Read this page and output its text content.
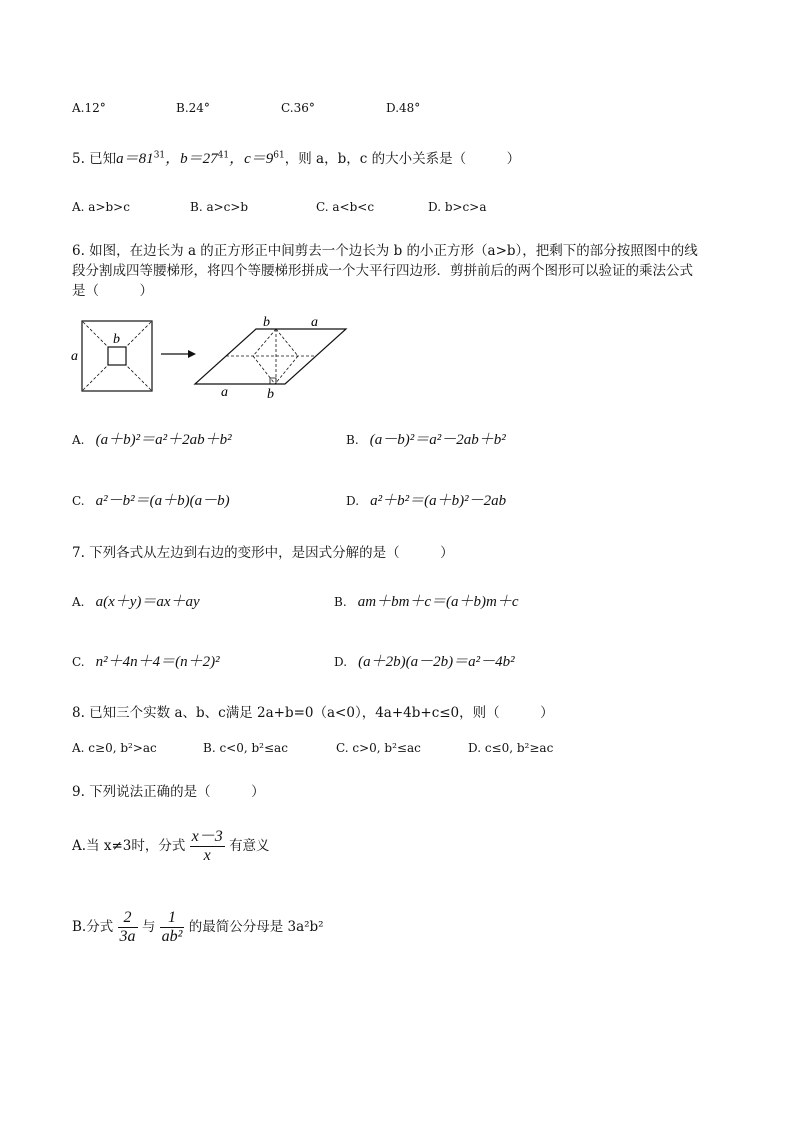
A.12°	B.24°	C.36°	D.48°
5. 已知$a=81^{31}$，$b=27^{41}$，$c=9^{61}$，则 a，b，c 的大小关系是（　　　）
A. a>b>c	B. a>c>b	C. a<b<c	D. b>c>a
6. 如图，在边长为 a 的正方形正中间剪去一个边长为 b 的小正方形（a>b），把剩下的部分按照图中的线
段分割成四等腰梯形，将四个等腰梯形拼成一个大平行四边形．剪拼前后的两个图形可以验证的乘法公式
是（　　　）
a
b
b	a
a	b
A. (a＋b)²＝a²＋2ab＋b²	B. (a－b)²＝a²－2ab＋b²
C. a²－b²＝(a＋b)(a－b)	D. a²＋b²＝(a＋b)²－2ab
7. 下列各式从左边到右边的变形中，是因式分解的是（　　　）
A. a(x＋y)＝ax＋ay	B. am＋bm＋c＝(a＋b)m＋c
C. n²＋4n＋4＝(n＋2)²	D. (a＋2b)(a－2b)＝a²－4b²
8. 已知三个实数 a、b、c满足 2a+b=0（a<0），4a+4b+c≤0，则（　　　）
A. c≥0, b²>ac	B. c<0, b²≤ac	C. c>0, b²≤ac	D. c≤0, b²≥ac
9. 下列说法正确的是（　　　）
A.当 x≠3时，分式 $\frac{x-3}{x}$ 有意义
B.分式 $\frac{2}{3a}$ 与 $\frac{1}{\text{ab²}}$ 的最简公分母是 3a²b²
